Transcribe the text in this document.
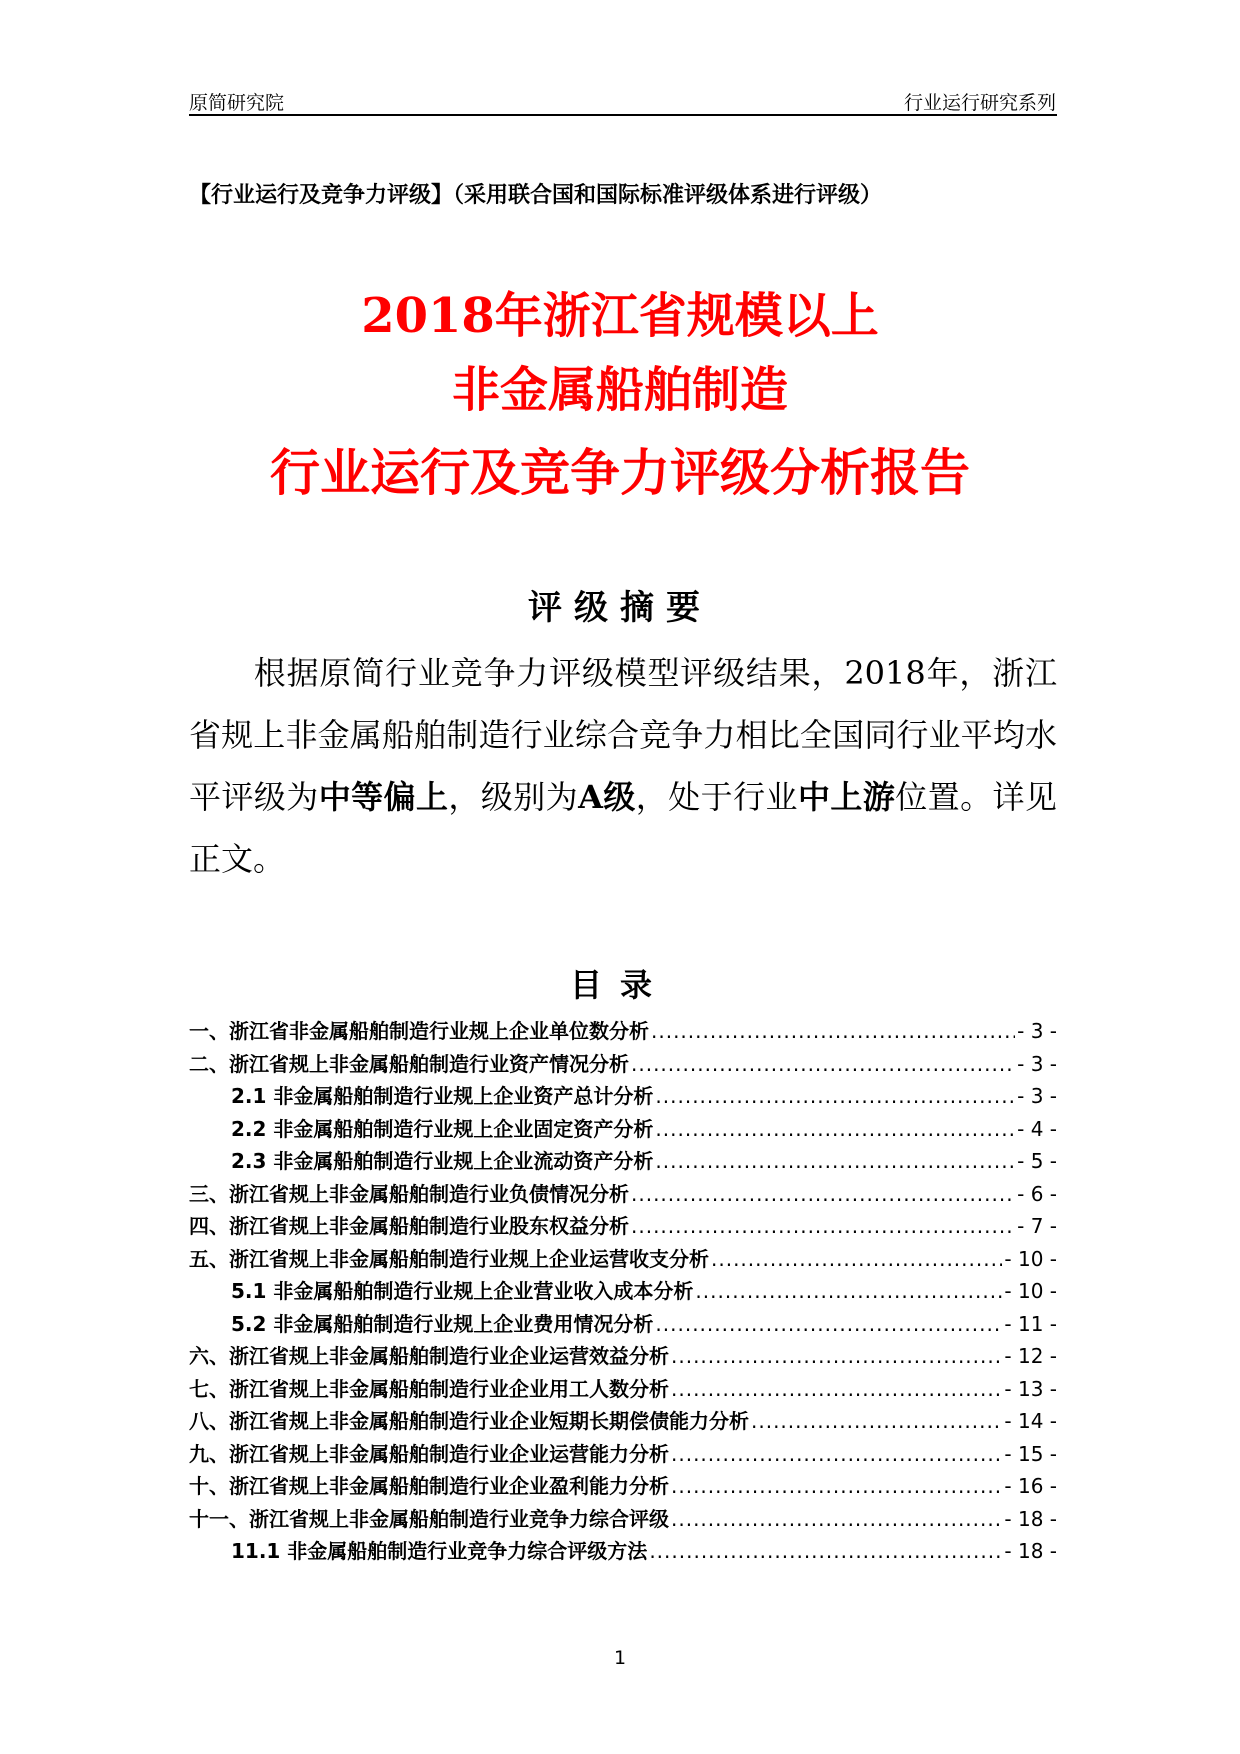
原简研究院	行业运行研究系列
【行业运行及竞争力评级】（采用联合国和国际标准评级体系进行评级）
2018年浙江省规模以上
非金属船舶制造
行业运行及竞争力评级分析报告
评级摘要
根据原简行业竞争力评级模型评级结果，2018年，浙江省规上非金属船舶制造行业综合竞争力相比全国同行业平均水平评级为中等偏上，级别为A级，处于行业中上游位置。详见正文。
目录
一、浙江省非金属船舶制造行业规上企业单位数分析 .....	- 3 -
二、浙江省规上非金属船舶制造行业资产情况分析 .....	- 3 -
2.1 非金属船舶制造行业规上企业资产总计分析 .....	- 3 -
2.2 非金属船舶制造行业规上企业固定资产分析 .....	- 4 -
2.3 非金属船舶制造行业规上企业流动资产分析 .....	- 5 -
三、浙江省规上非金属船舶制造行业负债情况分析 .....	- 6 -
四、浙江省规上非金属船舶制造行业股东权益分析 .....	- 7 -
五、浙江省规上非金属船舶制造行业规上企业运营收支分析 .....	- 10 -
5.1 非金属船舶制造行业规上企业营业收入成本分析 .....	- 10 -
5.2 非金属船舶制造行业规上企业费用情况分析 .....	- 11 -
六、浙江省规上非金属船舶制造行业企业运营效益分析 .....	- 12 -
七、浙江省规上非金属船舶制造行业企业用工人数分析 .....	- 13 -
八、浙江省规上非金属船舶制造行业企业短期长期偿债能力分析 .....	- 14 -
九、浙江省规上非金属船舶制造行业企业运营能力分析 .....	- 15 -
十、浙江省规上非金属船舶制造行业企业盈利能力分析 .....	- 16 -
十一、浙江省规上非金属船舶制造行业竞争力综合评级 .....	- 18 -
11.1 非金属船舶制造行业竞争力综合评级方法 .....	- 18 -
1
